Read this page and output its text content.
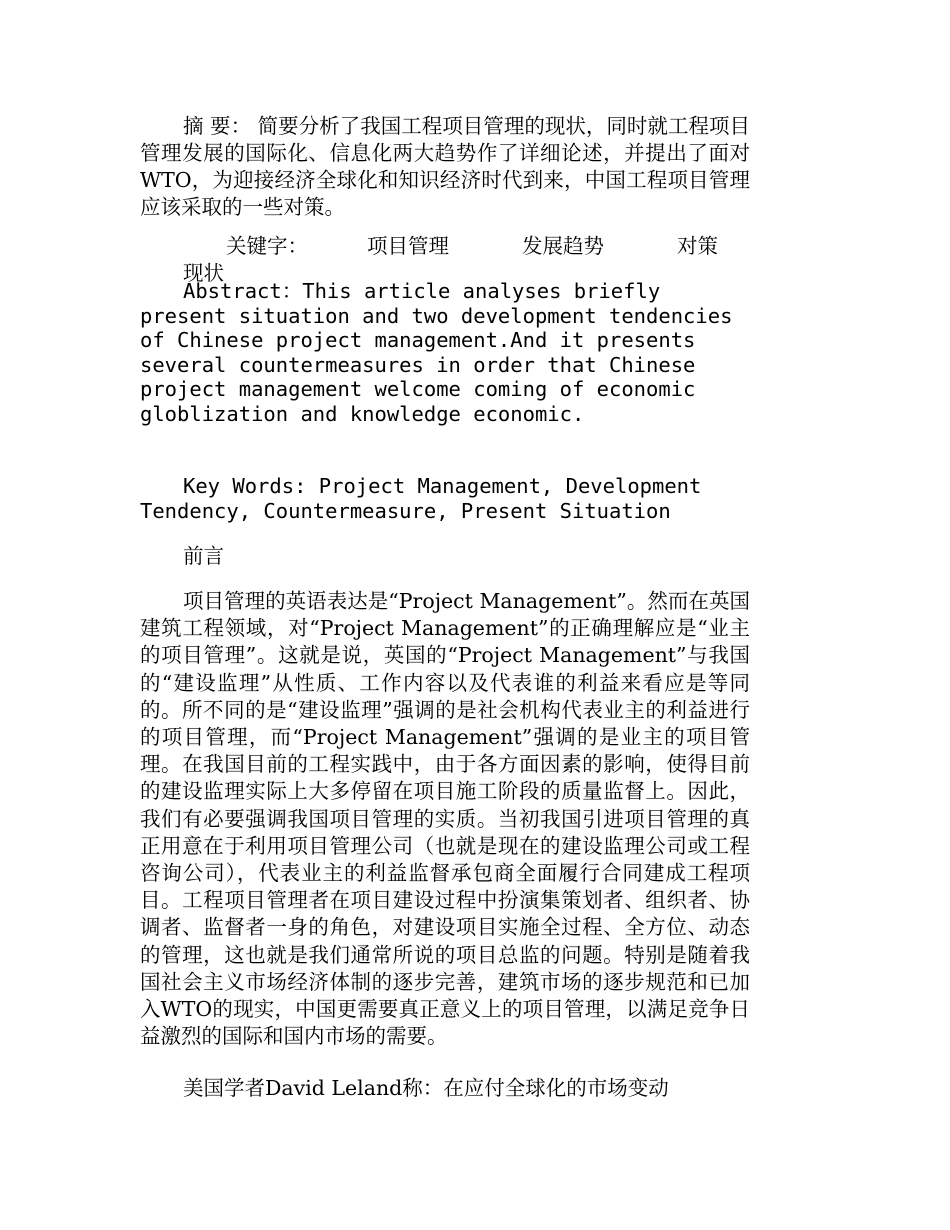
摘 要： 简要分析了我国工程项目管理的现状，同时就工程项目管理发展的国际化、信息化两大趋势作了详细论述，并提出了面对WTO，为迎接经济全球化和知识经济时代到来，中国工程项目管理应该采取的一些对策。

关键字：	项目管理	发展趋势	对策现状

Abstract：This article analyses briefly present situation and two development tendencies of Chinese project management.And it presents several countermeasures in order that Chinese project management welcome coming of economic globlization and knowledge economic.

Key Words: Project Management, Development Tendency, Countermeasure, Present Situation

前言

项目管理的英语表达是“Project Management”。然而在英国建筑工程领域，对“Project Management”的正确理解应是“业主的项目管理”。这就是说，英国的“Project Management”与我国的“建设监理”从性质、工作内容以及代表谁的利益来看应是等同的。所不同的是“建设监理”强调的是社会机构代表业主的利益进行的项目管理，而“Project Management”强调的是业主的项目管理。在我国目前的工程实践中，由于各方面因素的影响，使得目前的建设监理实际上大多停留在项目施工阶段的质量监督上。因此，我们有必要强调我国项目管理的实质。当初我国引进项目管理的真正用意在于利用项目管理公司（也就是现在的建设监理公司或工程咨询公司），代表业主的利益监督承包商全面履行合同建成工程项目。工程项目管理者在项目建设过程中扮演集策划者、组织者、协调者、监督者一身的角色，对建设项目实施全过程、全方位、动态的管理，这也就是我们通常所说的项目总监的问题。特别是随着我国社会主义市场经济体制的逐步完善，建筑市场的逐步规范和已加入WTO的现实，中国更需要真正意义上的项目管理，以满足竞争日益激烈的国际和国内市场的需要。

美国学者David Leland称：在应付全球化的市场变动
